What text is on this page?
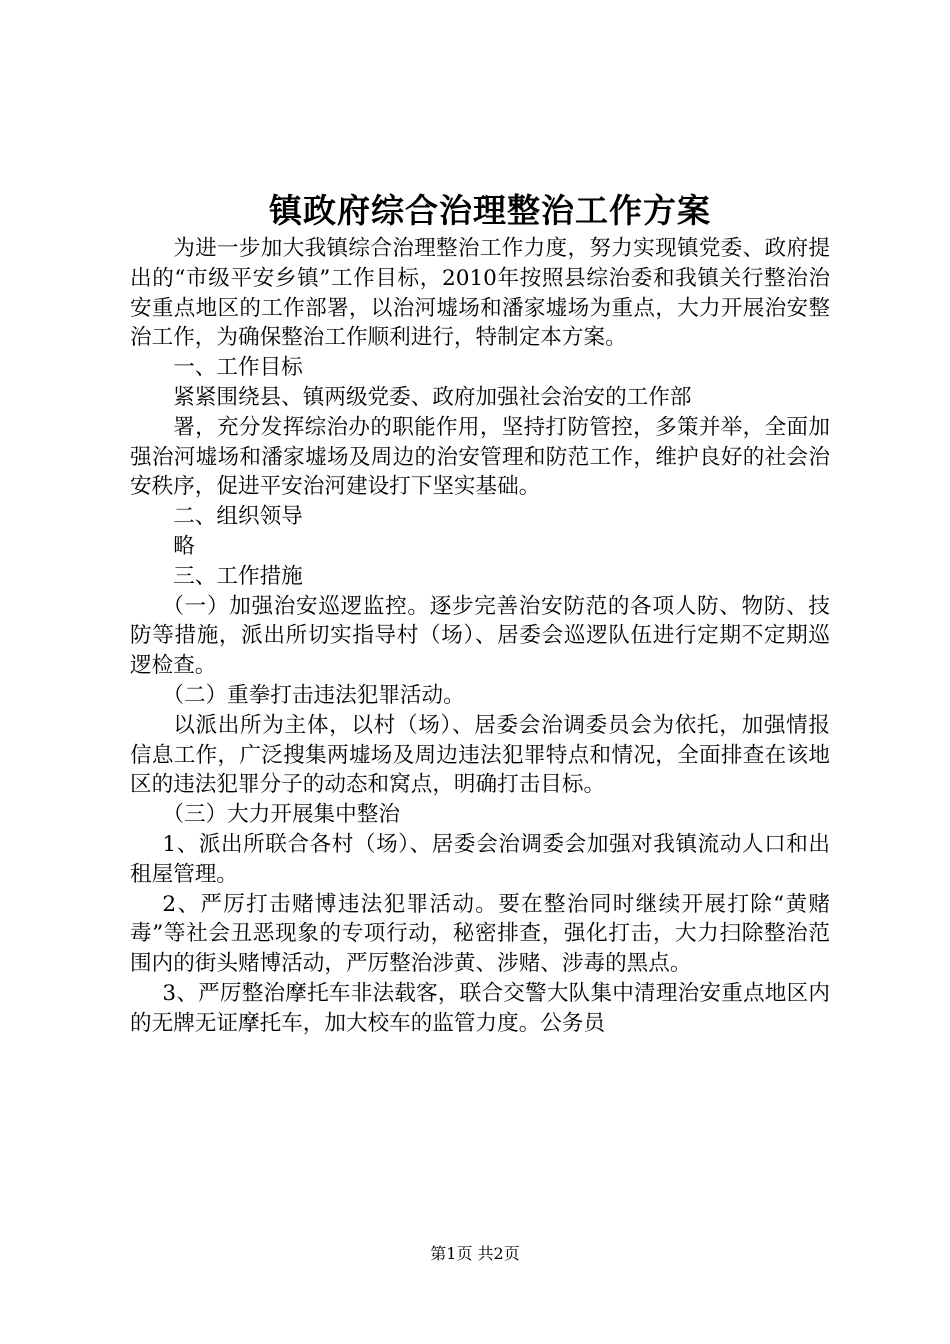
镇政府综合治理整治工作方案

为进一步加大我镇综合治理整治工作力度，努力实现镇党委、政府提出的“市级平安乡镇”工作目标，2010年按照县综治委和我镇关行整治治安重点地区的工作部署，以治河墟场和潘家墟场为重点，大力开展治安整治工作，为确保整治工作顺利进行，特制定本方案。

一、工作目标

紧紧围绕县、镇两级党委、政府加强社会治安的工作部

署，充分发挥综治办的职能作用，坚持打防管控，多策并举，全面加强治河墟场和潘家墟场及周边的治安管理和防范工作，维护良好的社会治安秩序，促进平安治河建设打下坚实基础。

二、组织领导

略

三、工作措施

（一）加强治安巡逻监控。逐步完善治安防范的各项人防、物防、技防等措施，派出所切实指导村（场）、居委会巡逻队伍进行定期不定期巡逻检查。

（二）重拳打击违法犯罪活动。

以派出所为主体，以村（场）、居委会治调委员会为依托，加强情报信息工作，广泛搜集两墟场及周边违法犯罪特点和情况，全面排查在该地区的违法犯罪分子的动态和窝点，明确打击目标。

（三）大力开展集中整治

1、派出所联合各村（场）、居委会治调委会加强对我镇流动人口和出租屋管理。

2、严厉打击赌博违法犯罪活动。要在整治同时继续开展打除“黄赌毒”等社会丑恶现象的专项行动，秘密排查，强化打击，大力扫除整治范围内的街头赌博活动，严厉整治涉黄、涉赌、涉毒的黑点。

3、严厉整治摩托车非法载客，联合交警大队集中清理治安重点地区内的无牌无证摩托车，加大校车的监管力度。公务员

第1页 共2页
